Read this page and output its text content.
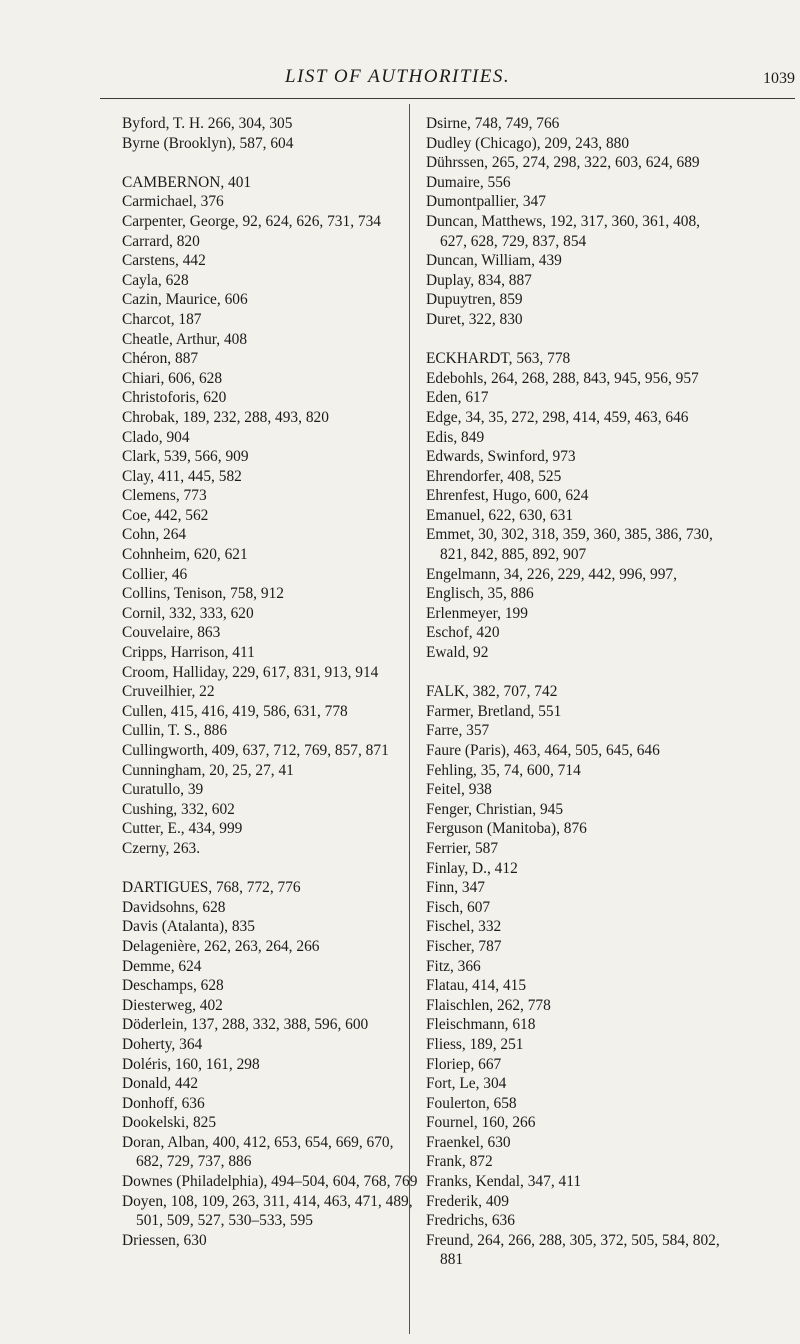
LIST OF AUTHORITIES.	1039
Byford, T. H. 266, 304, 305
Byrne (Brooklyn), 587, 604
CAMBERNON, 401
Carmichael, 376
Carpenter, George, 92, 624, 626, 731, 734
Carrard, 820
Carstens, 442
Cayla, 628
Cazin, Maurice, 606
Charcot, 187
Cheatle, Arthur, 408
Chéron, 887
Chiari, 606, 628
Christoforis, 620
Chrobak, 189, 232, 288, 493, 820
Clado, 904
Clark, 539, 566, 909
Clay, 411, 445, 582
Clemens, 773
Coe, 442, 562
Cohn, 264
Cohnheim, 620, 621
Collier, 46
Collins, Tenison, 758, 912
Cornil, 332, 333, 620
Couvelaire, 863
Cripps, Harrison, 411
Croom, Halliday, 229, 617, 831, 913, 914
Cruveilhier, 22
Cullen, 415, 416, 419, 586, 631, 778
Cullin, T. S., 886
Cullingworth, 409, 637, 712, 769, 857, 871
Cunningham, 20, 25, 27, 41
Curatullo, 39
Cushing, 332, 602
Cutter, E., 434, 999
Czerny, 263.
DARTIGUES, 768, 772, 776
Davidsohns, 628
Davis (Atalanta), 835
Delagenière, 262, 263, 264, 266
Demme, 624
Deschamps, 628
Diesterweg, 402
Döderlein, 137, 288, 332, 388, 596, 600
Doherty, 364
Doléris, 160, 161, 298
Donald, 442
Donhoff, 636
Dookelski, 825
Doran, Alban, 400, 412, 653, 654, 669, 670, 682, 729, 737, 886
Downes (Philadelphia), 494–504, 604, 768, 769
Doyen, 108, 109, 263, 311, 414, 463, 471, 489, 501, 509, 527, 530–533, 595
Driessen, 630
Dsirne, 748, 749, 766
Dudley (Chicago), 209, 243, 880
Dührssen, 265, 274, 298, 322, 603, 624, 689
Dumaire, 556
Dumontpallier, 347
Duncan, Matthews, 192, 317, 360, 361, 408, 627, 628, 729, 837, 854
Duncan, William, 439
Duplay, 834, 887
Dupuytren, 859
Duret, 322, 830
ECKHARDT, 563, 778
Edebohls, 264, 268, 288, 843, 945, 956, 957
Eden, 617
Edge, 34, 35, 272, 298, 414, 459, 463, 646
Edis, 849
Edwards, Swinford, 973
Ehrendorfer, 408, 525
Ehrenfest, Hugo, 600, 624
Emanuel, 622, 630, 631
Emmet, 30, 302, 318, 359, 360, 385, 386, 730, 821, 842, 885, 892, 907
Engelmann, 34, 226, 229, 442, 996, 997,
Englisch, 35, 886
Erlenmeyer, 199
Eschof, 420
Ewald, 92
FALK, 382, 707, 742
Farmer, Bretland, 551
Farre, 357
Faure (Paris), 463, 464, 505, 645, 646
Fehling, 35, 74, 600, 714
Feitel, 938
Fenger, Christian, 945
Ferguson (Manitoba), 876
Ferrier, 587
Finlay, D., 412
Finn, 347
Fisch, 607
Fischel, 332
Fischer, 787
Fitz, 366
Flatau, 414, 415
Flaischlen, 262, 778
Fleischmann, 618
Fliess, 189, 251
Floriep, 667
Fort, Le, 304
Foulerton, 658
Fournel, 160, 266
Fraenkel, 630
Frank, 872
Franks, Kendal, 347, 411
Frederik, 409
Fredrichs, 636
Freund, 264, 266, 288, 305, 372, 505, 584, 802, 881
